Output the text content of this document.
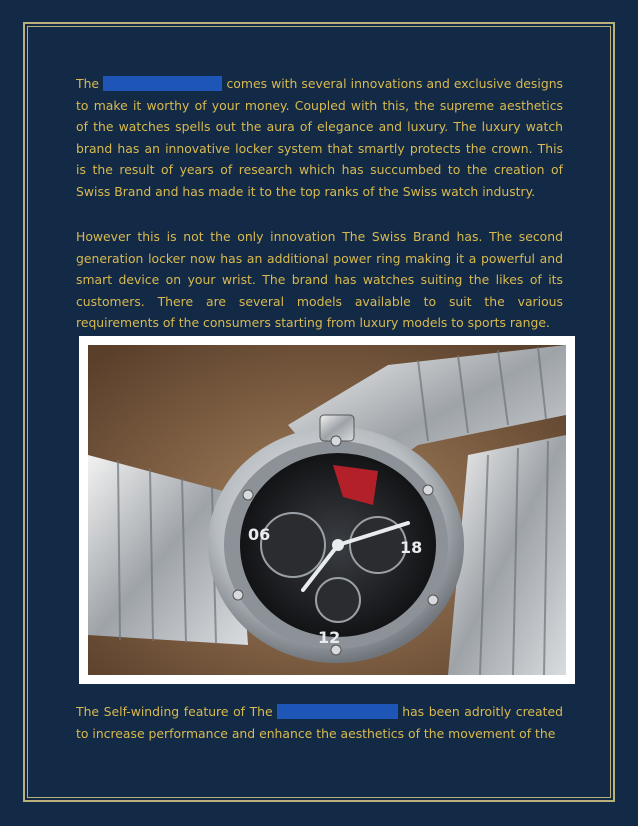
The Swiss Watch brand comes with several innovations and exclusive designs to make it worthy of your money. Coupled with this, the supreme aesthetics of the watches spells out the aura of elegance and luxury. The luxury watch brand has an innovative locker system that smartly protects the crown. This is the result of years of research which has succumbed to the creation of Swiss Brand and has made it to the top ranks of the Swiss watch industry.

However this is not the only innovation The Swiss Brand has. The second generation locker now has an additional power ring making it a powerful and smart device on your wrist. The brand has watches suiting the likes of its customers. There are several models available to suit the various requirements of the consumers starting from luxury models to sports range.

06
18
12

The Self-winding feature of The Swiss Watch brand has been adroitly created to increase performance and enhance the aesthetics of the movement of the
